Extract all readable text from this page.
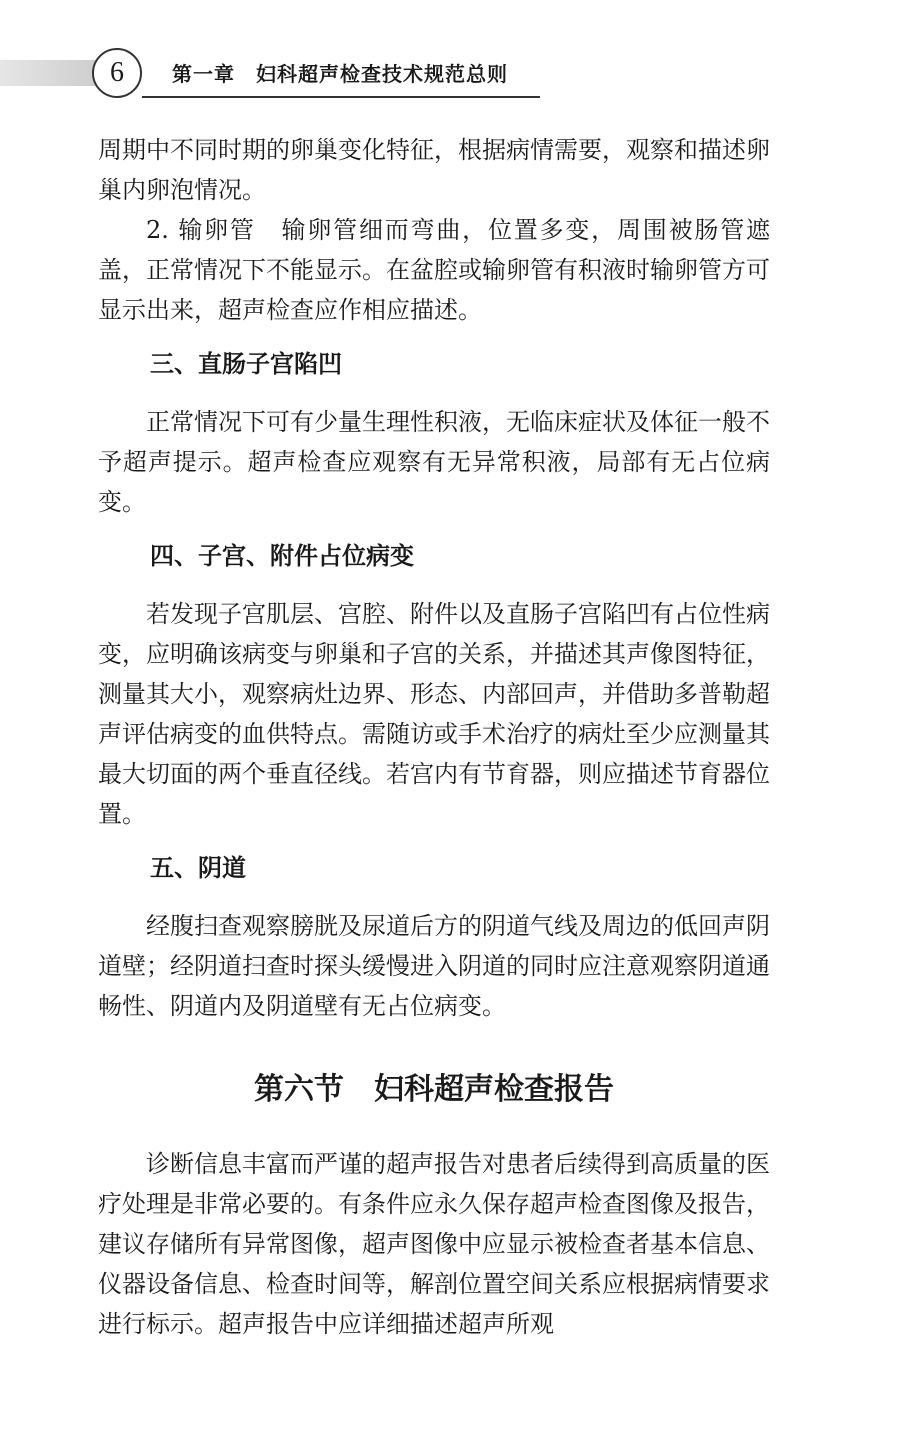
6	第一章　妇科超声检查技术规范总则

周期中不同时期的卵巢变化特征，根据病情需要，观察和描述卵巢内卵泡情况。

2. 输卵管　输卵管细而弯曲，位置多变，周围被肠管遮盖，正常情况下不能显示。在盆腔或输卵管有积液时输卵管方可显示出来，超声检查应作相应描述。

三、直肠子宫陷凹

正常情况下可有少量生理性积液，无临床症状及体征一般不予超声提示。超声检查应观察有无异常积液，局部有无占位病变。

四、子宫、附件占位病变

若发现子宫肌层、宫腔、附件以及直肠子宫陷凹有占位性病变，应明确该病变与卵巢和子宫的关系，并描述其声像图特征，测量其大小，观察病灶边界、形态、内部回声，并借助多普勒超声评估病变的血供特点。需随访或手术治疗的病灶至少应测量其最大切面的两个垂直径线。若宫内有节育器，则应描述节育器位置。

五、阴道

经腹扫查观察膀胱及尿道后方的阴道气线及周边的低回声阴道壁；经阴道扫查时探头缓慢进入阴道的同时应注意观察阴道通畅性、阴道内及阴道壁有无占位病变。

第六节　妇科超声检查报告

诊断信息丰富而严谨的超声报告对患者后续得到高质量的医疗处理是非常必要的。有条件应永久保存超声检查图像及报告，建议存储所有异常图像，超声图像中应显示被检查者基本信息、仪器设备信息、检查时间等，解剖位置空间关系应根据病情要求进行标示。超声报告中应详细描述超声所观
